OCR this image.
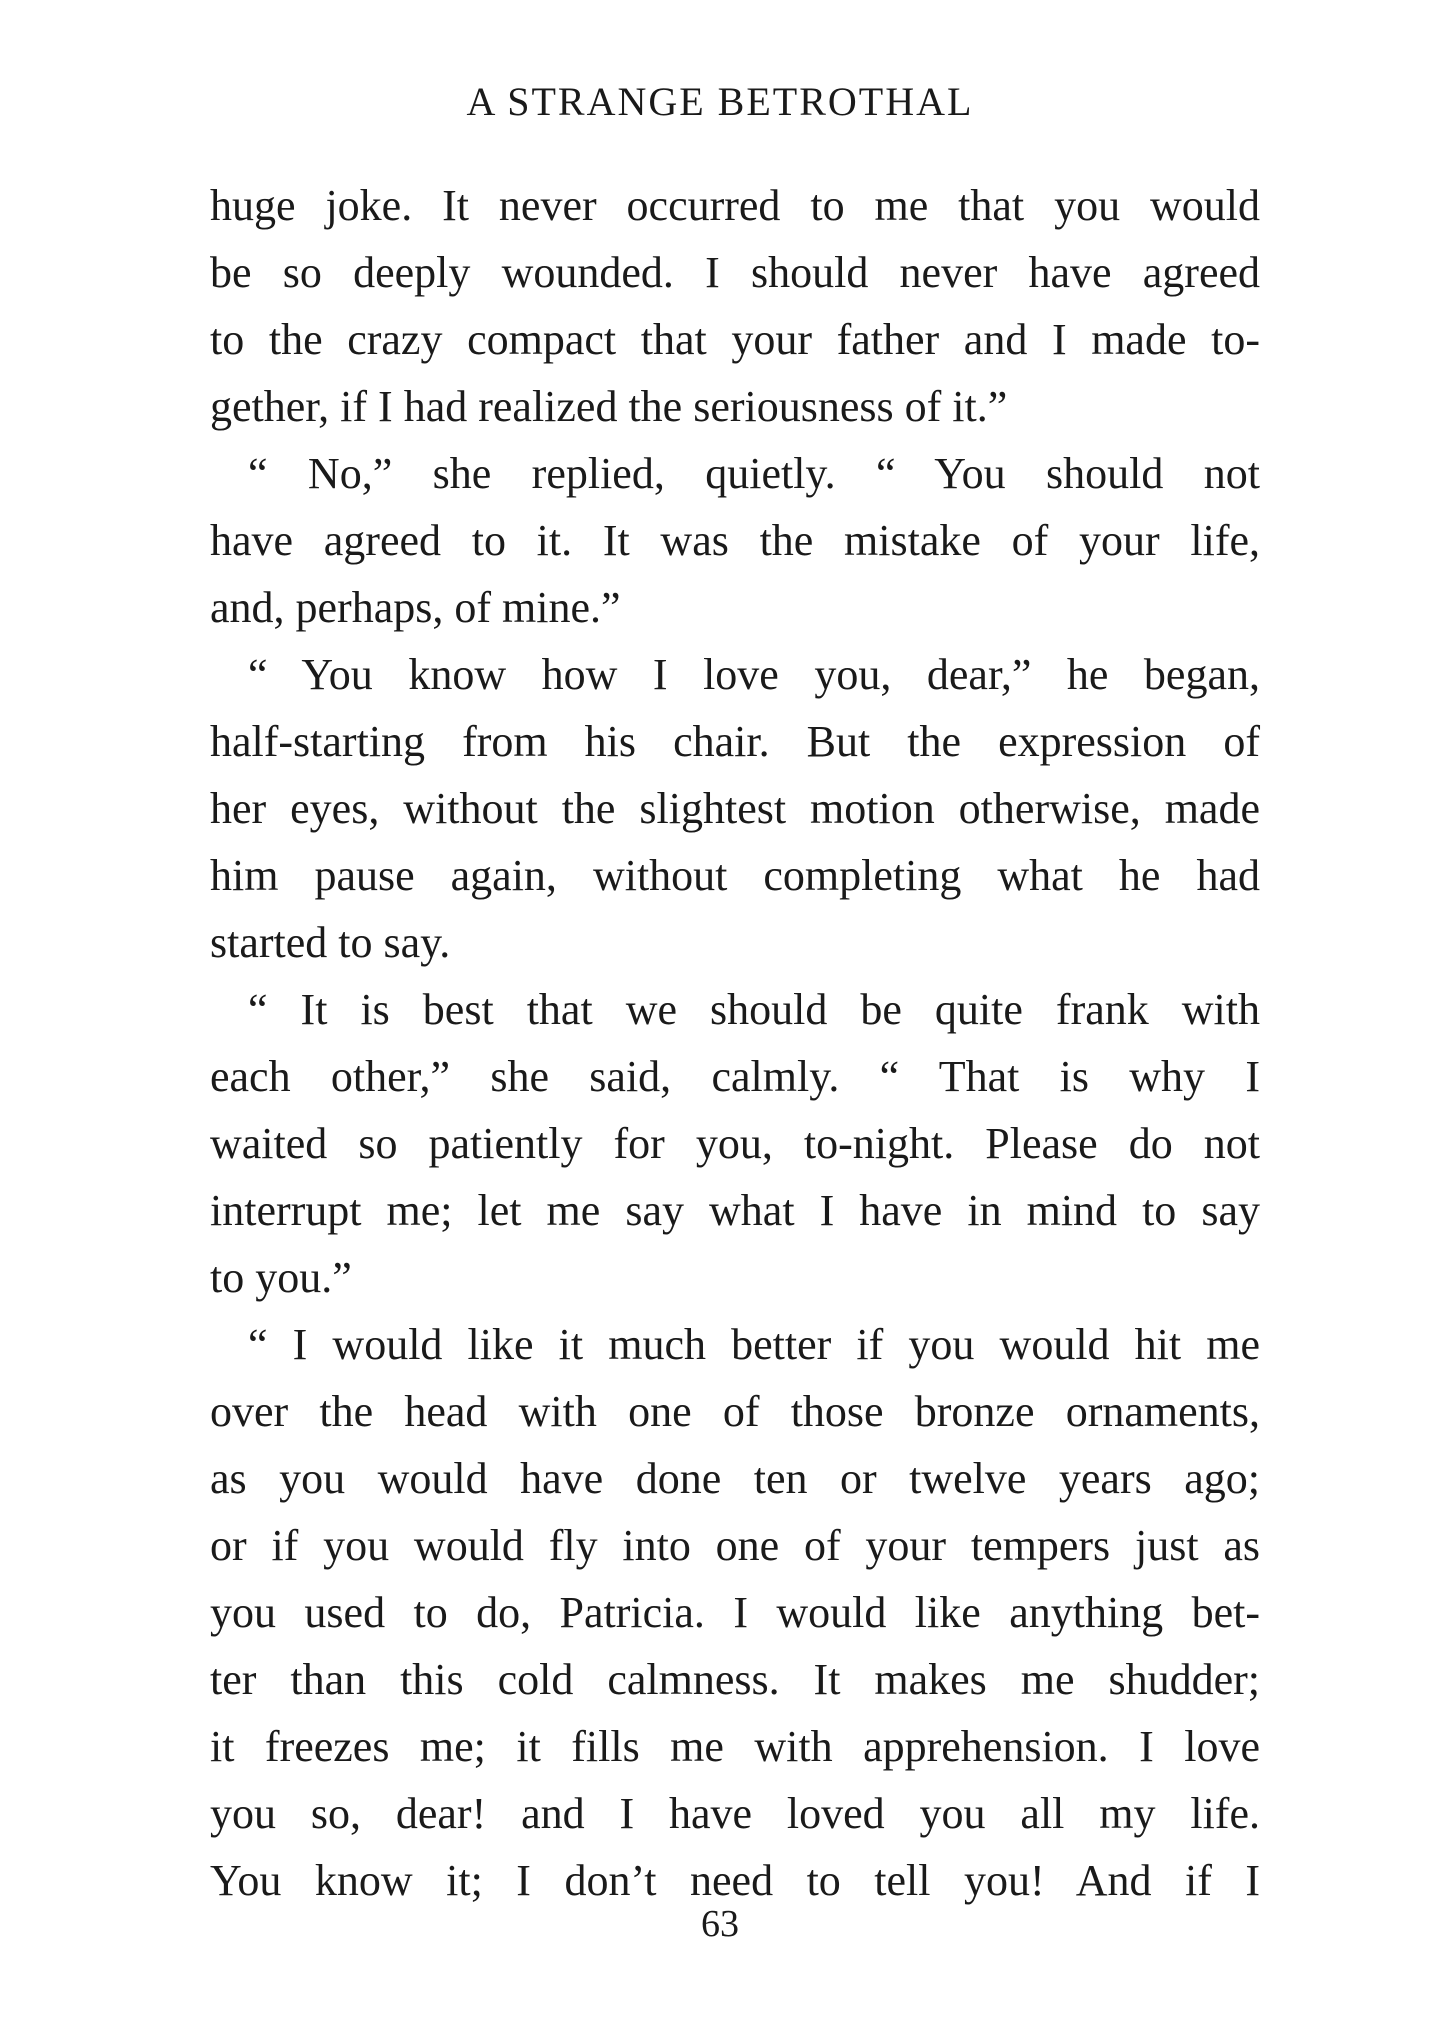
A STRANGE BETROTHAL
huge joke. It never occurred to me that you would
be so deeply wounded. I should never have agreed
to the crazy compact that your father and I made to-
gether, if I had realized the seriousness of it.”
“ No,” she replied, quietly. “ You should not
have agreed to it. It was the mistake of your life,
and, perhaps, of mine.”
“ You know how I love you, dear,” he began,
half-starting from his chair. But the expression of
her eyes, without the slightest motion otherwise, made
him pause again, without completing what he had
started to say.
“ It is best that we should be quite frank with
each other,” she said, calmly. “ That is why I
waited so patiently for you, to-night. Please do not
interrupt me; let me say what I have in mind to say
to you.”
“ I would like it much better if you would hit me
over the head with one of those bronze ornaments,
as you would have done ten or twelve years ago;
or if you would fly into one of your tempers just as
you used to do, Patricia. I would like anything bet-
ter than this cold calmness. It makes me shudder;
it freezes me; it fills me with apprehension. I love
you so, dear! and I have loved you all my life.
You know it; I don’t need to tell you! And if I
63
